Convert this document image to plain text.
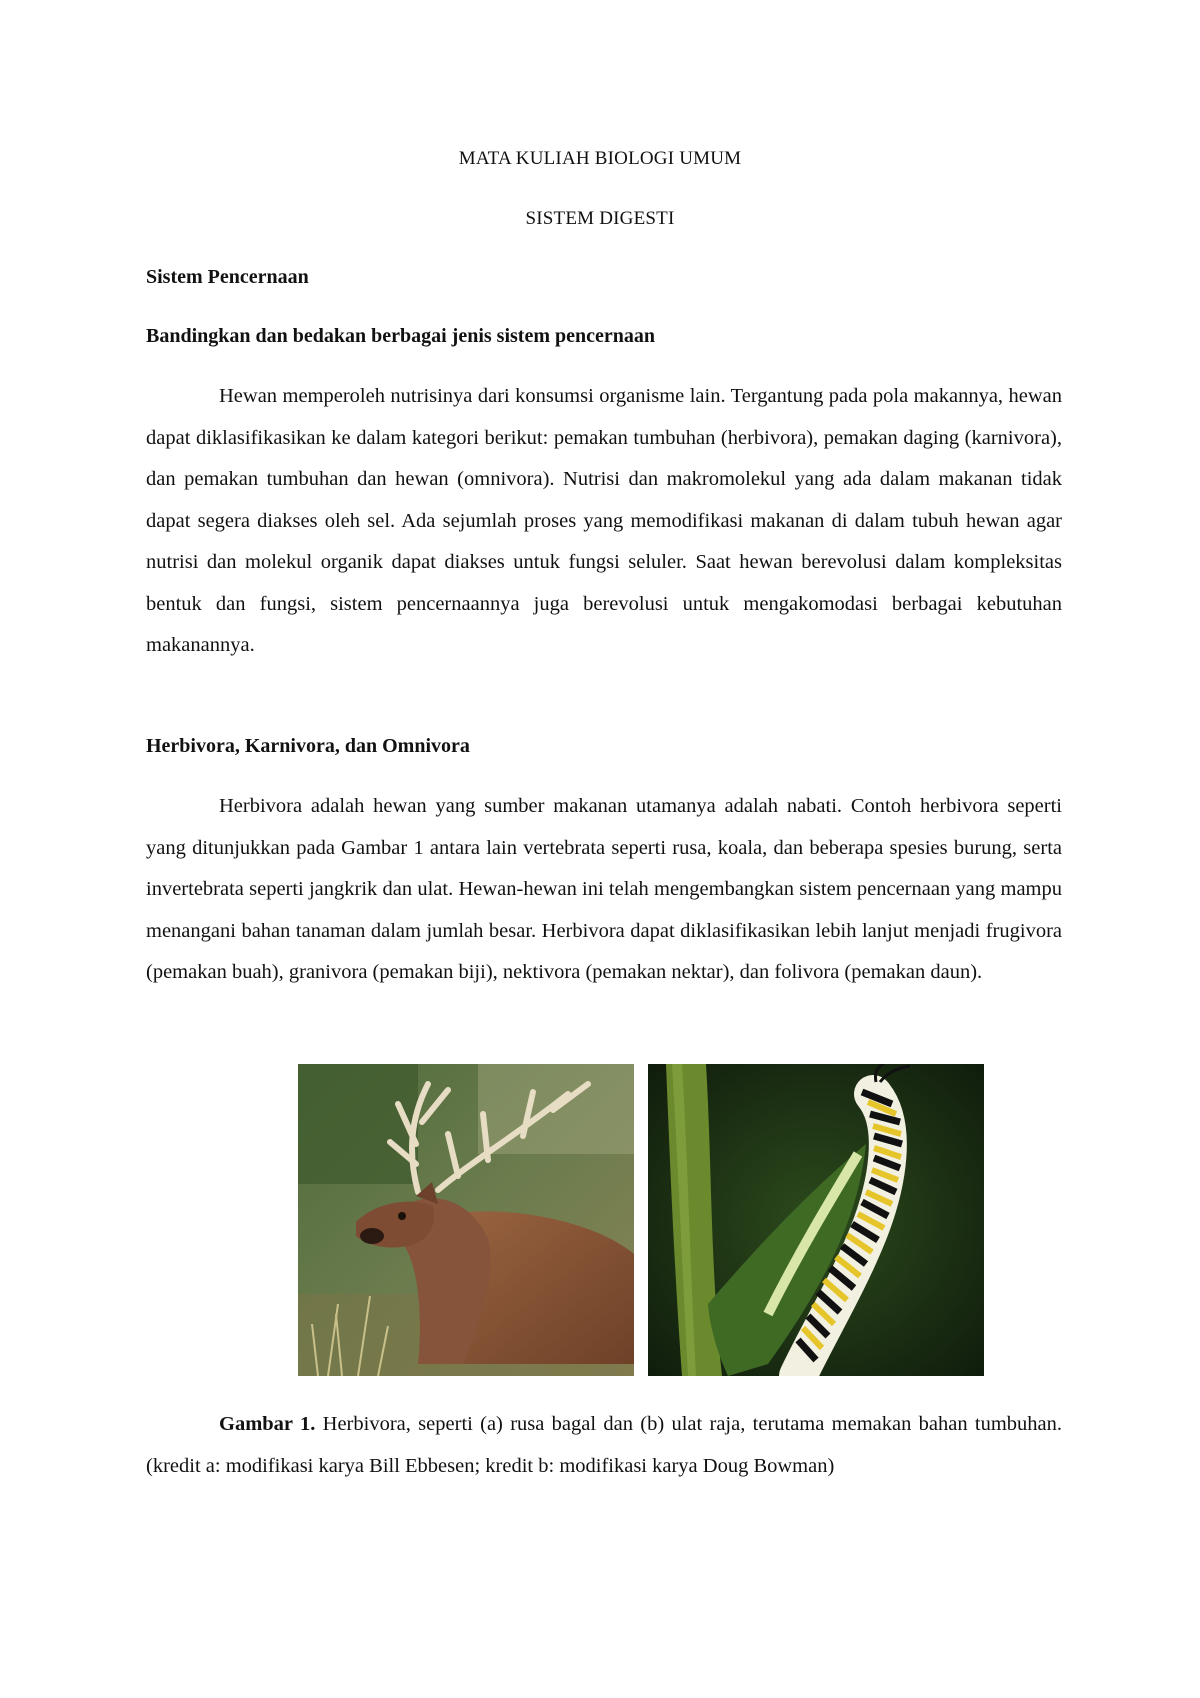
MATA KULIAH BIOLOGI UMUM
SISTEM DIGESTI
Sistem Pencernaan
Bandingkan dan bedakan berbagai jenis sistem pencernaan

Hewan memperoleh nutrisinya dari konsumsi organisme lain. Tergantung pada pola makannya, hewan dapat diklasifikasikan ke dalam kategori berikut: pemakan tumbuhan (herbivora), pemakan daging (karnivora), dan pemakan tumbuhan dan hewan (omnivora). Nutrisi dan makromolekul yang ada dalam makanan tidak dapat segera diakses oleh sel. Ada sejumlah proses yang memodifikasi makanan di dalam tubuh hewan agar nutrisi dan molekul organik dapat diakses untuk fungsi seluler. Saat hewan berevolusi dalam kompleksitas bentuk dan fungsi, sistem pencernaannya juga berevolusi untuk mengakomodasi berbagai kebutuhan makanannya.

Herbivora, Karnivora, dan Omnivora

Herbivora adalah hewan yang sumber makanan utamanya adalah nabati. Contoh herbivora seperti yang ditunjukkan pada Gambar 1 antara lain vertebrata seperti rusa, koala, dan beberapa spesies burung, serta invertebrata seperti jangkrik dan ulat. Hewan-hewan ini telah mengembangkan sistem pencernaan yang mampu menangani bahan tanaman dalam jumlah besar. Herbivora dapat diklasifikasikan lebih lanjut menjadi frugivora (pemakan buah), granivora (pemakan biji), nektivora (pemakan nektar), dan folivora (pemakan daun).

Gambar 1. Herbivora, seperti (a) rusa bagal dan (b) ulat raja, terutama memakan bahan tumbuhan. (kredit a: modifikasi karya Bill Ebbesen; kredit b: modifikasi karya Doug Bowman)
